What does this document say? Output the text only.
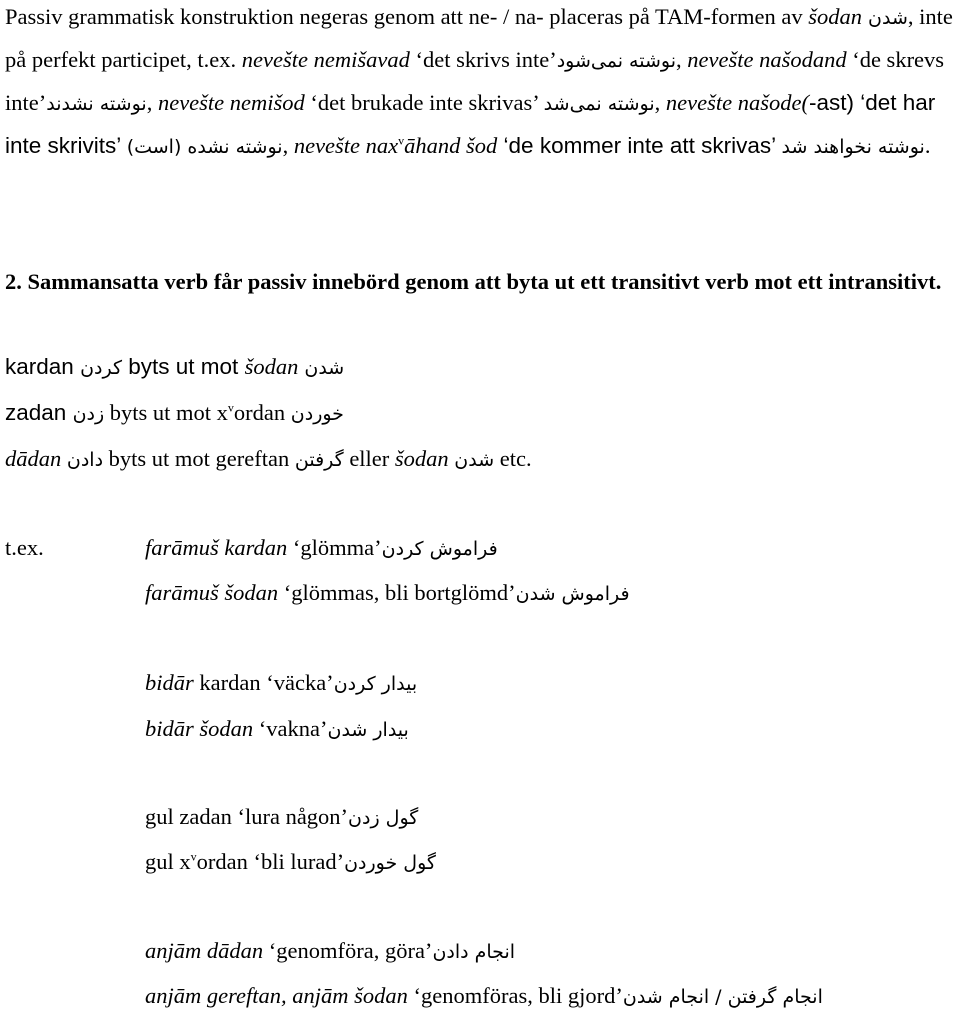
Passiv grammatisk konstruktion negeras genom att ne- / na- placeras på TAM-formen av šodan شدن, inte på perfekt participet, t.ex. nevešte nemišavad ‘det skrivs inte’نوشته نمی‌شود, nevešte našodand ‘de skrevs inte’نوشته نشدند, nevešte nemišod ‘det brukade inte skrivas’ نوشته نمی‌شد, nevešte našode(-ast) ‘det har inte skrivits’ (نوشته نشده (است, nevešte nax$^v$āhand šod ‘de kommer inte att skrivas’ نوشته نخواهند شد.
2. Sammansatta verb får passiv innebörd genom att byta ut ett transitivt verb mot ett intransitivt.
kardan کردن byts ut mot šodan شدن
zadan زدن byts ut mot $x^vordan$ خوردن
dādan دادن byts ut mot gereftan گرفتن eller šodan شدن etc.
t.ex.	farāmuš kardan ‘glömma’فراموش کردن
farāmuš šodan ‘glömmas, bli bortglömd’فراموش شدن
bidār kardan ‘väcka’بیدار کردن
bidār šodan ‘vakna’بیدار شدن
gul zadan ‘lura någon’گول زدن
gul $x^vordan$ ‘bli lurad’گول خوردن
anjām dādan ‘genomföra, göra’انجام دادن
anjām gereftan, anjām šodan ‘genomföras, bli gjord’انجام گرفتن / انجام شدن
